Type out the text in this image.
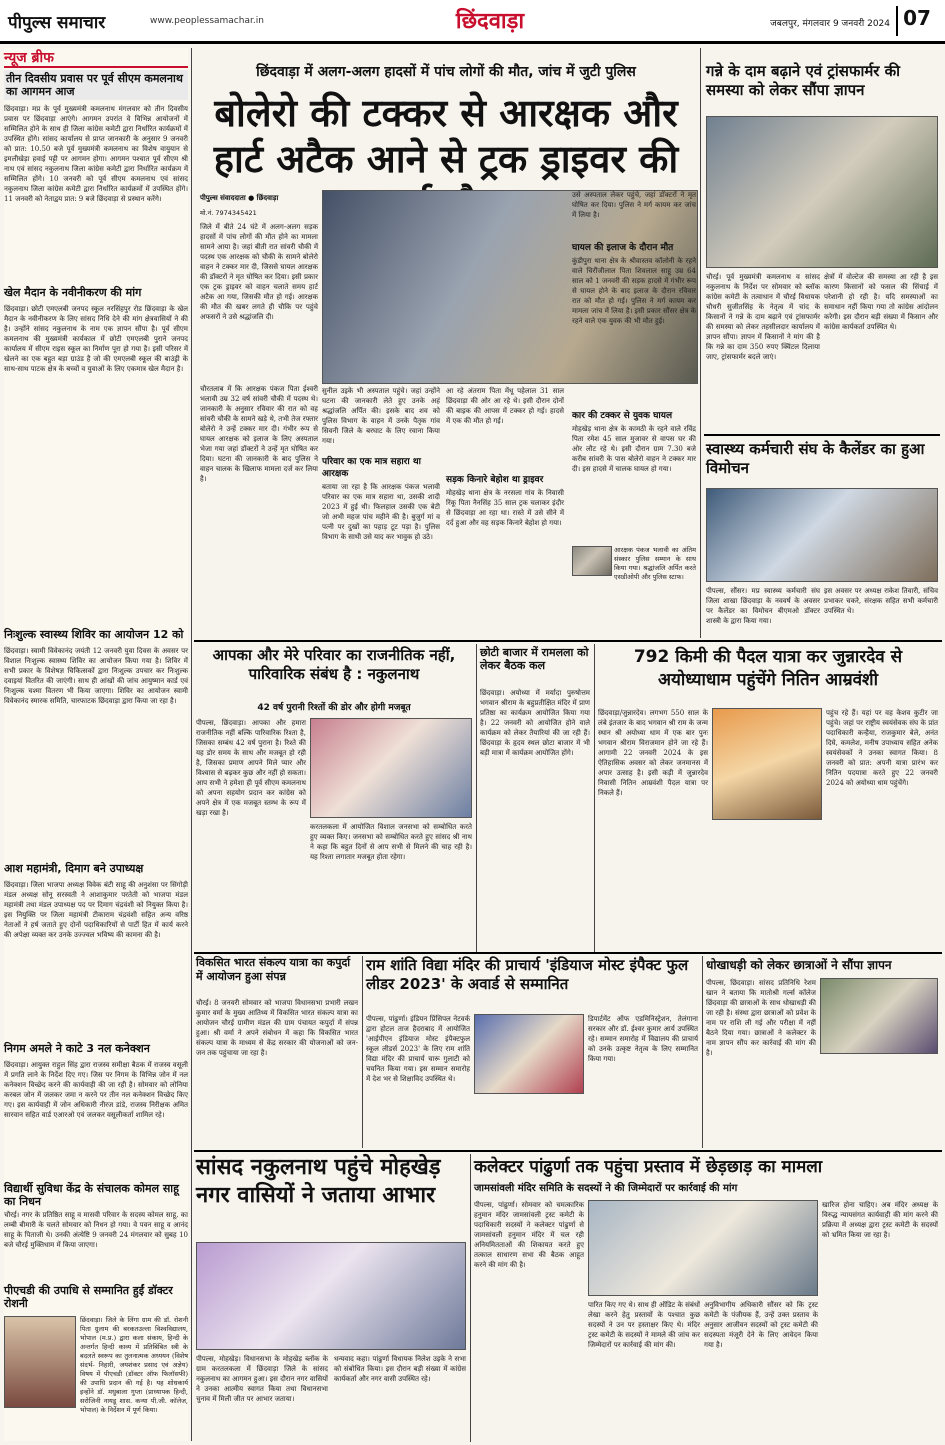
पीपुल्स समाचार	www.peoplessamachar.in	छिंदवाड़ा	जबलपुर, मंगलवार 9 जनवरी 2024 07
न्यूज ब्रीफ
तीन दिवसीय प्रवास पर पूर्व सीएम कमलनाथ का आगमन आज
छिंदवाड़ा। मप्र के पूर्व मुख्यमंत्री कमलनाथ मंगलवार को तीन दिवसीय प्रवास पर छिंदवाड़ा आएंगे। आगमन उपरांत वे विभिन्न आयोजनों में सम्मिलित होने के साथ ही जिला कांग्रेस कमेटी द्वारा निर्धारित कार्यक्रमों में उपस्थित होंगे। सांसद कार्यालय से प्राप्त जानकारी के अनुसार 9 जनवरी को प्रात: 10.50 बजे पूर्व मुख्यमंत्री कमलनाथ का विशेष वायुयान से इमलीखेड़ा हवाई पट्टी पर आगमन होगा। आगमन पश्चात पूर्व सीएम श्री नाथ एवं सांसद नकुलनाथ जिला कांग्रेस कमेटी द्वारा निर्धारित कार्यक्रम में सम्मिलित होंगे। 10 जनवरी को पूर्व सीएम कमलनाथ एवं सांसद नकुलनाथ जिला कांग्रेस कमेटी द्वारा निर्धारित कार्यक्रमों में उपस्थित होंगे। 11 जनवरी को नेताद्वय प्रात: 9 बजे छिंदवाड़ा से प्रस्थान करेंगे।
खेल मैदान के नवीनीकरण की मांग
छिंदवाड़ा। छोटी एमएलबी जनपद स्कूल नरसिंहपुर रोड छिंदवाड़ा के खेल मैदान के नवीनीकरण के लिए सांसद निधि देने की मांग क्षेत्रवासियों ने की है। उन्होंने सांसद नकुलनाथ के नाम एक ज्ञापन सौंपा है। पूर्व सीएम कमलनाथ की मुख्यमंत्री कार्यकाल में छोटी एमएलबी पुराने जनपद कार्यालय में सीएम राइस स्कूल का निर्माण पूरा हो गया है। इसी परिसर में खेलने का एक बहुत बड़ा ग्राउंड है जो की एमएलबी स्कूल की बाउंड्री के साथ-साथ पाटक क्षेत्र के बच्चों व युवाओं के लिए एकमात्र खेल मैदान है।
निःशुल्क स्वास्थ्य शिविर का आयोजन 12 को
छिंदवाड़ा। स्वामी विवेकानंद जयंती 12 जनवरी युवा दिवस के अवसर पर विशाल निःशुल्क स्वास्थ्य शिविर का आयोजन किया गया है। शिविर में सभी प्रकार के विशेषज्ञ चिकित्सकों द्वारा निःशुल्क उपचार कर निःशुल्क दवाइयां वितरित की जाएंगी। साथ ही आंखों की जांच आयुष्मान कार्ड एवं निःशुल्क चश्मा वितरण भी किया जाएगा। शिविर का आयोजन स्वामी विवेकानंद स्मारक समिति, चारफाटक छिंदवाड़ा द्वारा किया जा रहा है।
आश महामंत्री, दिमाग बने उपाध्यक्ष
छिंदवाड़ा। जिला भाजपा अध्यक्ष विवेक बंटी साहू की अनुशंसा पर सिंगोड़ी मंडल अध्यक्ष सोनू सरस्वती ने आशाकुमार परतेती को भाजपा मंडल महामंत्री तथा मंडल उपाध्यक्ष पद पर दिमाग चंद्रवंशी को नियुक्त किया है। इस नियुक्ति पर जिला महामंत्री टीकाराम चंद्रवंशी सहित अन्य वरिष्ठ नेताओं ने हर्ष जताते हुए दोनों पदाधिकारियों से पार्टी हित में कार्य करने की अपेक्षा व्यक्त कर उनके उज्ज्वल भविष्य की कामना की है।
निगम अमले ने काटे 3 नल कनेक्शन
छिंदवाड़ा। आयुक्त राहुल सिंह द्वारा राजस्व समीक्षा बैठक में राजस्व वसूली में प्रगति लाने के निर्देश दिए गए। जिस पर निगम के विभिन्न जोन में नल कनेक्शन विच्छेद करने की कार्यवाही की जा रही है। सोमवार को लोनिया करबल जोन में जलकर जमा न करने पर तीन नल कनेक्शन विच्छेद किए गए। इस कार्यवाही में जोन अधिकारी नीरज डांडे, राजस्व निरीक्षक अमित सारवान सहित वार्ड एआरओ एवं जलकर वसूलीकर्ता शामिल रहे।
विद्यार्थी सुविधा केंद्र के संचालक कोमल साहू का निधन
चौरई। नगर के प्रतिष्ठित साहू व मासवी परिवार के सदस्य कोमल साहू, का लम्बी बीमारी के चलते सोमवार को निधन हो गया। वे पवन साहू व आनंद साहू के पिताजी थे। उनकी अंत्येष्टि 9 जनवरी 24 मंगलवार को सुबह 10 बजे चौरई मुक्तिधाम में किया जाएगा।
पीएचडी की उपाधि से सम्मानित हुईं डॉक्टर रोशनी
छिंदवाड़ा। जिले के लिंगा ग्राम की डॉ. रोशनी पिता ग्रुलाम की बरकतउल्ला विश्वविद्यालय, भोपाल (म.प्र.) द्वारा कला संकाय, हिन्दी के अन्तर्गत हिन्दी काव्य में प्रतिबिंबित स्त्री के बदलते स्वरूप का तुलनात्मक अध्ययन (विशेष संदर्भ- निहारी, जयशंकर प्रसाद एवं अज्ञेय) विषय में पीएचडी (डॉक्टर ऑफ फिलॉसफी) की उपाधि प्रदान की गई है। यह शोधकार्य इन्होंने डॉ. मधुबाला गुप्ता (प्राध्यापक हिन्दी, सरोजिनी नायडू शास. कन्या पी.जी. कॉलेज, भोपाल) के निर्देशन में पूर्ण किया।
छिंदवाड़ा में अलग-अलग हादसों में पांच लोगों की मौत, जांच में जुटी पुलिस
बोलेरो की टक्कर से आरक्षक और हार्ट अटैक आने से ट्रक ड्राइवर की
पीपुल्स संवाददाता ● छिंदवाड़ा
मो.नं. 7974345421
जिले में बीते 24 घंटे में अलग-अलग सड़क हादसों में पांच लोगों की मौत होने का मामला सामने आया है। जहां बीती रात सांवरी चौकी में पदस्थ एक आरक्षक को चौकी के सामने बोलेरो वाहन ने टक्कर मार दी, जिससे घायल आरक्षक की डॉक्टरों ने मृत घोषित कर दिया। इसी प्रकार एक ट्रक ड्राइवर को वाहन चलाते समय हार्ट अटैक आ गया, जिसकी मौत हो गई। आरक्षक की मौत की खबर लगते ही चौकि पर पहुंचे अफसरों ने उसे श्रद्धांजलि दी।
चौरतलाब में कि आरक्षक पंकज पिता ईश्वरी भलावी उम्र 32 वर्ष सांवरी चौकी में पदस्थ थे। जानकारी के अनुसार रविवार की रात को वह सांवरी चौकी के सामने खड़े थे, तभी तेज रफ्तार बोलेरो ने उन्हें टक्कर मार दी। गंभीर रूप से घायल आरक्षक को इलाज के लिए अस्पताल भेजा गया जहां डॉक्टरों ने उन्हें मृत घोषित कर दिया। घटना की जानकारी के बाद पुलिस ने वाहन चालक के खिलाफ मामला दर्ज कर लिया है।
सुनील उइके भी अस्पताल पहुंचे। जहां उन्होंने घटना की जानकारी लेते हुए उनके अहं श्रद्धांजलि अर्पित की। इसके बाद शव को पुलिस विभाग के वाहन में उनके पैतृक गांव सिवनी जिले के बरघाट के लिए रवाना किया गया।
परिवार का एक मात्र सहारा था आरक्षक
बताया जा रहा है कि आरक्षक पंकज भलावी परिवार का एक मात्र सहारा था, उसकी शादी 2023 में हुई थी। फिलहाल उसकी एक बेटी जो अभी महज पांच महीने की है। बुजुर्ग मां व पत्नी पर दुखों का पहाड़ टूट पड़ा है। पुलिस विभाग के साथी उसे याद कर भावुक हो उठे।
आ रहे अंतराम पिता मेंधू पहेलाल 31 साल छिंदवाड़ा की ओर आ रहे थे। इसी दौरान दोनों की बाइक की आपस में टक्कर हो गई। हादसे में एक की मौत हो गई।
सड़क किनारे बेहोश था ड्राइवर
मोहखेड़ थाना क्षेत्र के नरसला गांव के निवासी रिंकू पिता नैनसिंह 35 साल ट्रक चलाकर इंदौर से छिंदवाड़ा आ रहा था। रास्ते में उसे सीने में दर्द हुआ और वह सड़क किनारे बेहोश हो गया।
उसे अस्पताल लेकर पहुंचे, जहां डॉक्टरों ने मृत घोषित कर दिया। पुलिस ने मर्ग कायम कर जांच में लिया है।
घायल की इलाज के दौरान मौत
कुंडीपुरा थाना क्षेत्र के श्रीवास्तव कॉलोनी के रहने वाले चिरौंजीलाल पिता शिवलाल साहू उम्र 64 साल को 1 जनवरी की सड़क हादसे में गंभीर रूप से घायल होने के बाद इलाज के दौरान रविवार रात को मौत हो गई। पुलिस ने मर्ग कायम कर मामला जांच में लिया है। इसी प्रकार सौंसर क्षेत्र के रहने वाले एक युवक की भी मौत हुई।
कार की टक्कर से युवक घायल
मोहखेड़ थाना क्षेत्र के कामठी के रहने वाले रविंद्र पिता रमेश 45 साल मुजावर से वापस घर की ओर लौट रहे थे। इसी दौरान ग्राम 7.30 बजे करीब सांवरी के पास बोलेरो वाहन ने टक्कर मार दी। इस हादसे में चालक घायल हो गया।
आरक्षक पंकज भलावी का अंतिम संस्कार पुलिस सम्मान के साथ किया गया। श्रद्धांजलि अर्पित करते एसडीओपी और पुलिस स्टाफ।
गन्ने के दाम बढ़ाने एवं ट्रांसफार्मर की समस्या को लेकर सौंपा ज्ञापन
चौरई। पूर्व मुख्यमंत्री कमलनाथ व सांसद नकुलनाथ के निर्देश पर सोमवार को ब्लॉक कांग्रेस कमेटी के तत्वाधान में चौरई विधायक चौधरी सुजीतसिंह के नेतृत्व में चांद के किसानों ने गन्ने के दाम बढ़ाने एवं ट्रांसफार्मर की समस्या को लेकर तहसीलदार कार्यालय में ज्ञापन सौंपा। ज्ञापन में किसानों ने मांग की है कि गन्ने का दाम 350 रुपए क्विंटल दिलाया जाए, ट्रांसफार्मर बदले जाएं।
क्षेत्रों में वोल्टेज की समस्या आ रही है इस कारण किसानों को फसल की सिंचाई में परेशानी हो रही है। यदि समस्याओं का समाधान नहीं किया गया तो कांग्रेस आंदोलन करेगी। इस दौरान बड़ी संख्या में किसान और कांग्रेस कार्यकर्ता उपस्थित थे।
स्वास्थ्य कर्मचारी संघ के कैलेंडर का हुआ विमोचन
पीपल्स, सौंसर। मप्र स्वास्थ्य कर्मचारी संघ जिला शाखा छिंदवाड़ा के नववर्ष के अवसर पर कैलेंडर का विमोचन बीएमओ डॉक्टर शास्त्री के द्वारा किया गया।
इस अवसर पर अध्यक्ष राकेश तिवारी, संचिव प्रभाकर चकरे, संरक्षक सहित सभी कर्मचारी उपस्थित थे।
आपका और मेरे परिवार का राजनीतिक नहीं, पारिवारिक संबंध है : नकुलनाथ
42 वर्ष पुरानी रिश्तों की डोर और होगी मजबूत
पीपल्स, छिंदवाड़ा। आपका और हमारा राजनीतिक नहीं बल्कि पारिवारिक रिश्ता है, जिसका सम्बंध 42 वर्ष पुराना है। रिश्ते की यह डोर समय के साथ और मजबूत हो रही है, जिसका प्रमाण आपने मिले प्यार और विश्वास से बढ़कर कुछ और नहीं हो सकता। आप सभी ने हमेशा ही पूर्व सीएम कमलनाथ को अपना सहयोग प्रदान कर कांग्रेस को अपने क्षेत्र में एक मजबूत स्तम्भ के रूप में खड़ा रखा है।
करतलकला में आयोजित विशाल जनसभा को सम्बोधित करते हुए व्यक्त किए। जनसभा को सम्बोधित करते हुए सांसद श्री नाथ ने कहा कि बहुत दिनों से आप सभी से मिलने की चाह रही है। यह रिश्ता लगातार मजबूत होता रहेगा।
छोटी बाजार में रामलला को लेकर बैठक कल
छिंदवाड़ा। अयोध्या में मर्यादा पुरुषोत्तम भगवान श्रीराम के बहुप्रतीक्षित मंदिर में प्राण प्रतिष्ठा का कार्यक्रम आयोजित किया गया है। 22 जनवरी को आयोजित होने वाले कार्यक्रम को लेकर तैयारियां की जा रही हैं। छिंदवाड़ा के हृदय स्थल छोटा बाजार में भी बड़ी मात्रा में कार्यक्रम आयोजित होंगे।
792 किमी की पैदल यात्रा कर जुन्नारदेव से अयोध्याधाम पहुंचेंगे नितिन आम्रवंशी
छिंदवाड़ा/जुन्नारदेव। लगभग 550 साल के लंबे इंतजार के बाद भगवान श्री राम के जन्म स्थान श्री अयोध्या धाम में एक बार पुनः भगवान श्रीराम विराजमान होने जा रहे हैं। आगामी 22 जनवरी 2024 के इस ऐतिहासिक अवसर को लेकर जनमानस में अपार उत्साह है। इसी कड़ी में जुन्नारदेव निवासी नितिन आम्रवंशी पैदल यात्रा पर निकले हैं।
पहुंच रहे हैं। यहां पर वह केशव कुटीर जा पहुंचे। जहां पर राष्ट्रीय स्वयंसेवक संघ के प्रांत पदाधिकारी कन्हैया, राजकुमार बेले, अनंत दिघे, कमलेश, मनीष उपाध्याय सहित अनेक स्वयंसेवकों ने उनका स्वागत किया। 8 जनवरी को प्रात: अपनी यात्रा प्रारंभ कर नितिन पदयात्रा करते हुए 22 जनवरी 2024 को अयोध्या धाम पहुंचेंगे।
विकसित भारत संकल्प यात्रा का कपुर्दा में आयोजन हुआ संपन्न
चौरई। 8 जनवरी सोमवार को भाजपा विधानसभा प्रभारी लखन कुमार वर्मा के मुख्य आतिथ्य में विकसित भारत संकल्प यात्रा का आयोजन चौरई ग्रामीण मंडल की ग्राम पंचायत कपुर्दा में संपन्न हुआ। श्री वर्मा ने अपने संबोधन में कहा कि विकसित भारत संकल्प यात्रा के माध्यम से केंद्र सरकार की योजनाओं को जन-जन तक पहुंचाया जा रहा है।
राम शांति विद्या मंदिर की प्राचार्य 'इंडियाज मोस्ट इंपैक्ट फुल लीडर 2023' के अवार्ड से सम्मानित
पीपल्स, पांढुर्णा। इंडियन प्रिंसिपल नेटवर्क द्वारा होटल ताज हैदराबाद में आयोजित 'आईपीएन इंडियाज मोस्ट इंपैक्टफुल स्कूल लीडर्स 2023' के लिए राम शांति विद्या मंदिर की प्राचार्य चारू गुलाटी को चयनित किया गया। इस सम्मान समारोह में देश भर से शिक्षाविद उपस्थित थे।
डिपार्टमेंट ऑफ एडमिनिस्ट्रेशन, तेलंगाना सरकार और डॉ. ईश्वर कुमार आर्य उपस्थित रहे। सम्मान समारोह में विद्यालय की प्राचार्य को उनके उत्कृष्ट नेतृत्व के लिए सम्मानित किया गया।
धोखाधड़ी को लेकर छात्राओं ने सौंपा ज्ञापन
पीपल्स, छिंदवाड़ा। सांसद प्रतिनिधि रेशम खान ने बताया कि मातोश्री गर्ल्स कॉलेज छिंदवाड़ा की छात्राओं के साथ धोखाधड़ी की जा रही है। संस्था द्वारा छात्राओं को प्रवेश के नाम पर राशि ली गई और परीक्षा में नहीं बैठने दिया गया। छात्राओं ने कलेक्टर के नाम ज्ञापन सौंप कर कार्रवाई की मांग की है।
सांसद नकुलनाथ पहुंचे मोहखेड़ नगर वासियों ने जताया आभार
पीपल्स, मोहखेड़। विधानसभा के मोहखेड़ ब्लॉक के ग्राम करतलकला में छिंदवाड़ा जिले के सांसद नकुलनाथ का आगमन हुआ। इस दौरान नगर वासियों ने उनका आत्मीय स्वागत किया तथा विधानसभा चुनाव में मिली जीत पर आभार जताया।
धन्यवाद कहा। पांढुर्णा विधायक निलेश उइके ने सभा को संबोधित किया। इस दौरान बड़ी संख्या में कांग्रेस कार्यकर्ता और नगर वासी उपस्थित रहे।
कलेक्टर पांढुर्णा तक पहुंचा प्रस्ताव में छेड़छाड़ का मामला
जामसांवली मंदिर समिति के सदस्यों ने की जिम्मेदारों पर कार्रवाई की मांग
पीपल्स, पांढुर्णा। सोमवार को चमत्कारिक हनुमान मंदिर जामसांवली ट्रस्ट कमेटी के पदाधिकारी सदस्यों ने कलेक्टर पांढुर्णा से जामसांवली हनुमान मंदिर में चल रही अनियमितताओं की शिकायत करते हुए तत्काल साधारण सभा की बैठक आहूत करने की मांग की है।
पारित किए गए थे। साथ ही ऑडिट के संबंधों लेखा करने हेतु प्रस्तावों के पश्चात कुछ सदस्यों ने उन पर हस्ताक्षर किए थे। मंदिर ट्रस्ट कमेटी के सदस्यों ने मामले की जांच कर जिम्मेदारों पर कार्रवाई की मांग की।
अनुविभागीय अधिकारी सौंसर को कि ट्रस्ट कमेटी के पंजीयक हैं, उन्हें उक्त प्रस्ताव के अनुसार आजीवन सदस्यों को ट्रस्ट कमेटी की सदस्यता मंजूरी देने के लिए आवेदन किया गया है।
खारिज होना चाहिए। अब मंदिर अध्यक्ष के विरुद्ध न्यायसंगत कार्यवाही की मांग करने की प्रक्रिया में अध्यक्ष द्वारा ट्रस्ट कमेटी के सदस्यों को भ्रमित किया जा रहा है।
